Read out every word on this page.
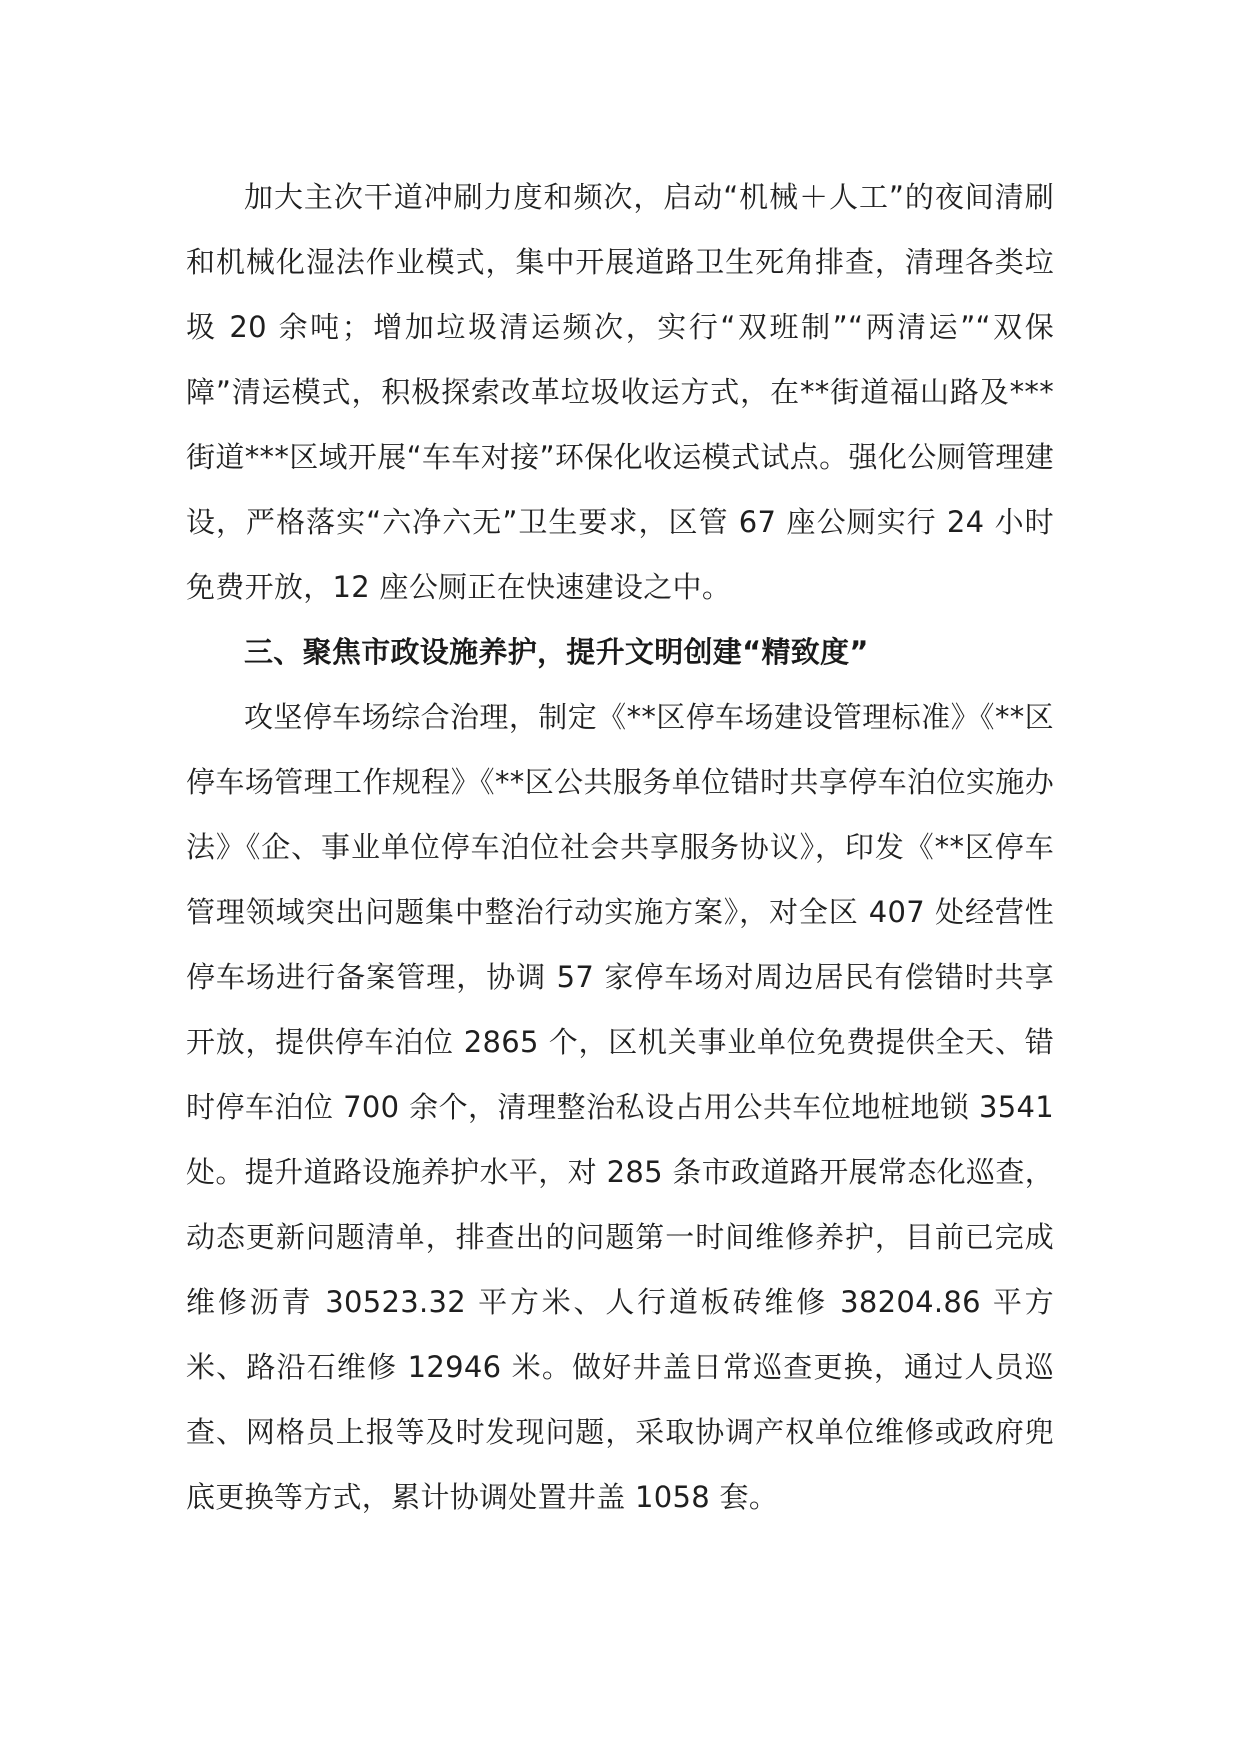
加大主次干道冲刷力度和频次，启动“机械＋人工”的夜间清刷和机械化湿法作业模式，集中开展道路卫生死角排查，清理各类垃圾 20 余吨；增加垃圾清运频次，实行“双班制”“两清运”“双保障”清运模式，积极探索改革垃圾收运方式，在**街道福山路及***街道***区域开展“车车对接”环保化收运模式试点。强化公厕管理建设，严格落实“六净六无”卫生要求，区管 67 座公厕实行 24 小时免费开放，12 座公厕正在快速建设之中。

三、聚焦市政设施养护，提升文明创建“精致度”

攻坚停车场综合治理，制定《**区停车场建设管理标准》《**区停车场管理工作规程》《**区公共服务单位错时共享停车泊位实施办法》《企、事业单位停车泊位社会共享服务协议》，印发《**区停车管理领域突出问题集中整治行动实施方案》，对全区 407 处经营性停车场进行备案管理，协调 57 家停车场对周边居民有偿错时共享开放，提供停车泊位 2865 个，区机关事业单位免费提供全天、错时停车泊位 700 余个，清理整治私设占用公共车位地桩地锁 3541 处。提升道路设施养护水平，对 285 条市政道路开展常态化巡查，动态更新问题清单，排查出的问题第一时间维修养护，目前已完成维修沥青 30523.32 平方米、人行道板砖维修 38204.86 平方米、路沿石维修 12946 米。做好井盖日常巡查更换，通过人员巡查、网格员上报等及时发现问题，采取协调产权单位维修或政府兜底更换等方式，累计协调处置井盖 1058 套。
